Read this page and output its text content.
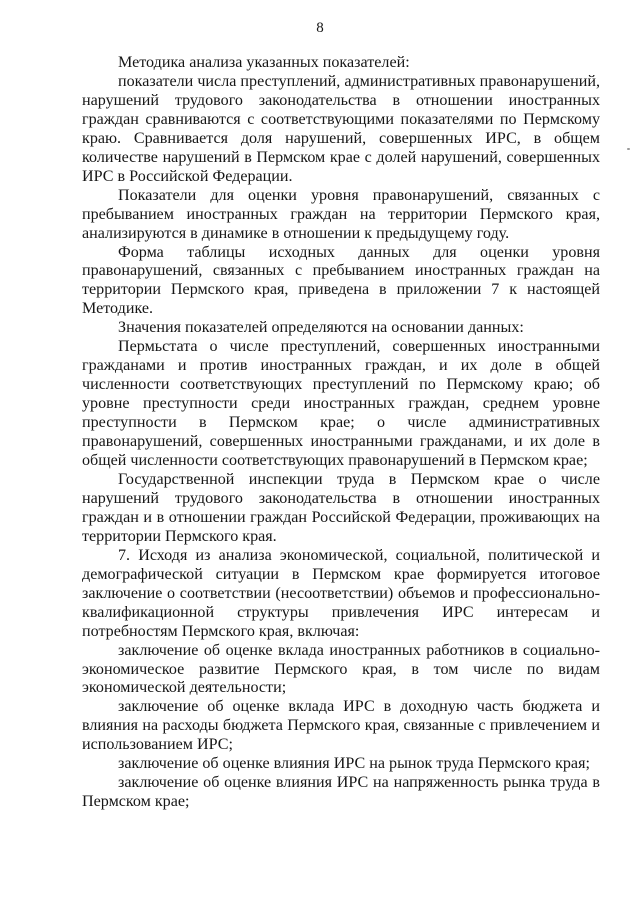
8

Методика анализа указанных показателей:

показатели числа преступлений, административных правонарушений, нарушений трудового законодательства в отношении иностранных граждан сравниваются с соответствующими показателями по Пермскому краю. Сравнивается доля нарушений, совершенных ИРС, в общем количестве нарушений в Пермском крае с долей нарушений, совершенных ИРС в Российской Федерации.

Показатели для оценки уровня правонарушений, связанных с пребыванием иностранных граждан на территории Пермского края, анализируются в динамике в отношении к предыдущему году.

Форма таблицы исходных данных для оценки уровня правонарушений, связанных с пребыванием иностранных граждан на территории Пермского края, приведена в приложении 7 к настоящей Методике.

Значения показателей определяются на основании данных:

Пермьстата о числе преступлений, совершенных иностранными гражданами и против иностранных граждан, и их доле в общей численности соответствующих преступлений по Пермскому краю; об уровне преступности среди иностранных граждан, среднем уровне преступности в Пермском крае; о числе административных правонарушений, совершенных иностранными гражданами, и их доле в общей численности соответствующих правонарушений в Пермском крае;

Государственной инспекции труда в Пермском крае о числе нарушений трудового законодательства в отношении иностранных граждан и в отношении граждан Российской Федерации, проживающих на территории Пермского края.

7. Исходя из анализа экономической, социальной, политической и демографической ситуации в Пермском крае формируется итоговое заключение о соответствии (несоответствии) объемов и профессионально-квалификационной структуры привлечения ИРС интересам и потребностям Пермского края, включая:

заключение об оценке вклада иностранных работников в социально-экономическое развитие Пермского края, в том числе по видам экономической деятельности;

заключение об оценке вклада ИРС в доходную часть бюджета и влияния на расходы бюджета Пермского края, связанные с привлечением и использованием ИРС;

заключение об оценке влияния ИРС на рынок труда Пермского края;

заключение об оценке влияния ИРС на напряженность рынка труда в Пермском крае;
